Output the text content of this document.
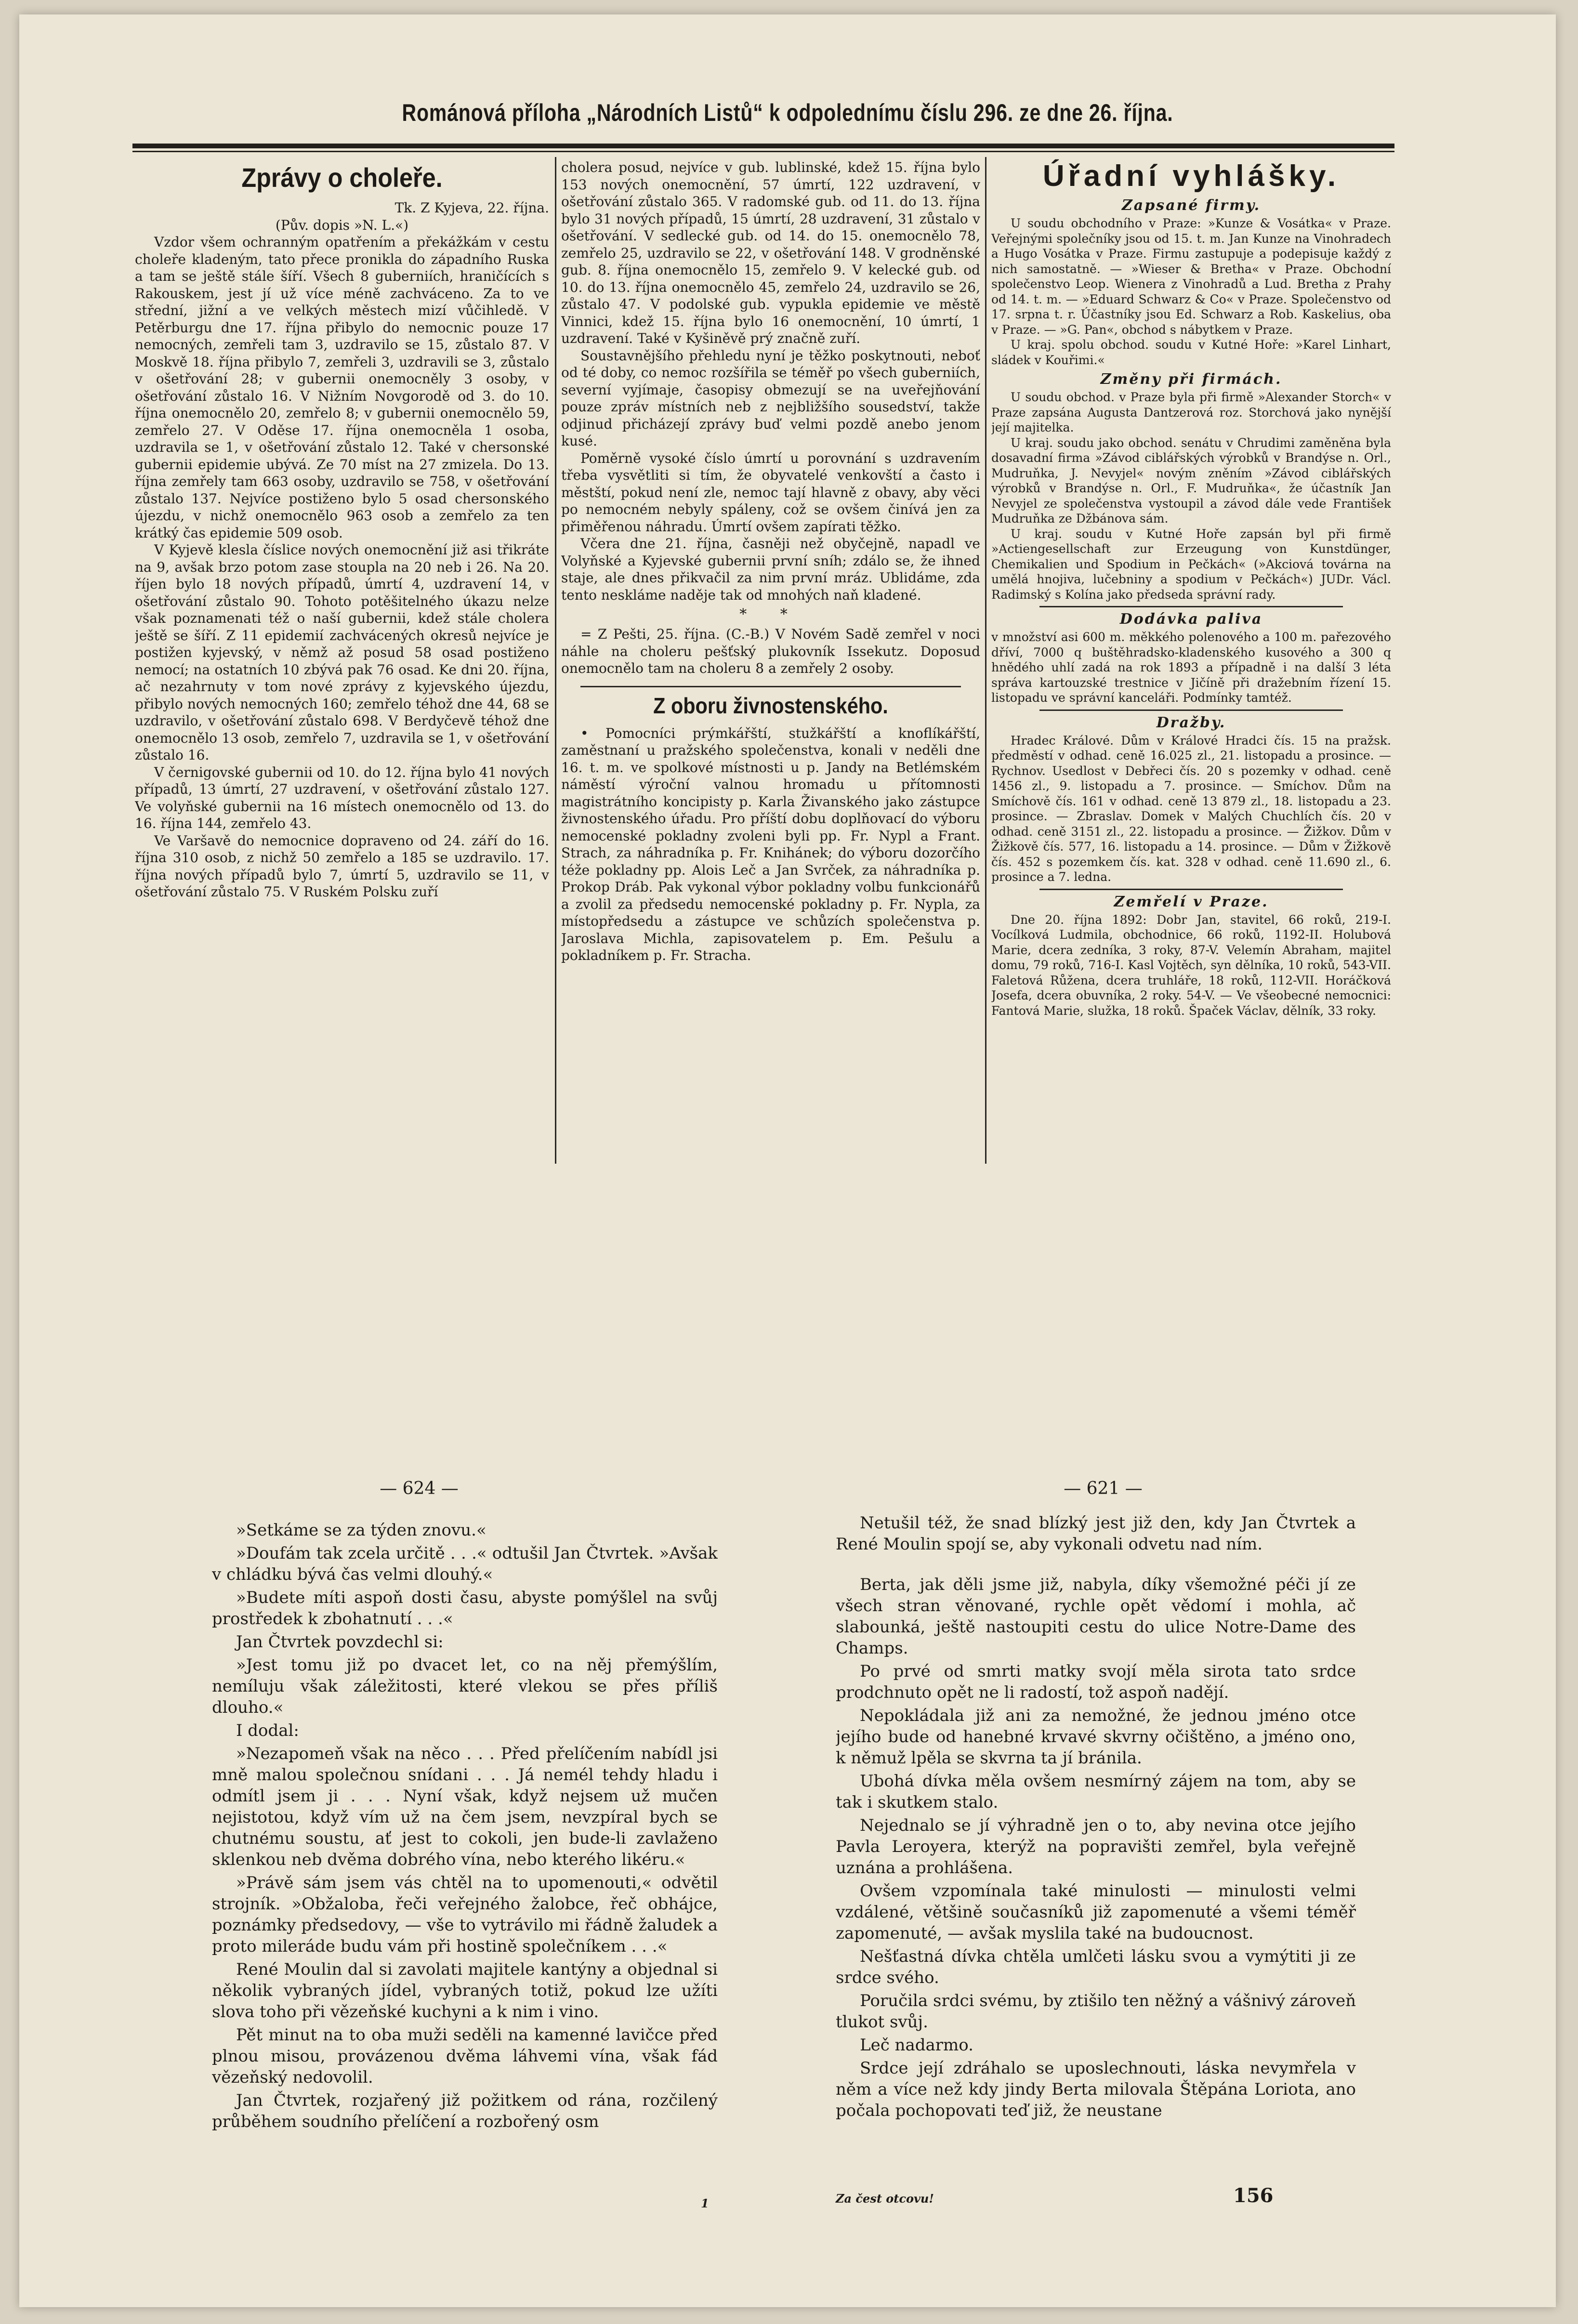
Románová příloha „Národních Listů“ k odpolednímu číslu 296. ze dne 26. října.
Zprávy o choleře.

Tk. Z Kyjeva, 22. října.

(Pův. dopis »N. L.«)

Vzdor všem ochranným opatřením a překážkám v cestu choleře kladeným, tato přece pronikla do západního Ruska a tam se ještě stále šíří. Všech 8 guberniích, hraničících s Rakouskem, jest jí už více méně zachváceno. Za to ve střední, jižní a ve velkých městech mizí vůčihledě. V Petěrburgu dne 17. října přibylo do nemocnic pouze 17 nemocných, zemřeli tam 3, uzdravilo se 15, zůstalo 87. V Moskvě 18. října přibylo 7, zemřeli 3, uzdravili se 3, zůstalo v ošetřování 28; v gubernii onemocněly 3 osoby, v ošetřování zůstalo 16. V Nižním Novgorodě od 3. do 10. října onemocnělo 20, zemřelo 8; v gubernii onemocnělo 59, zemřelo 27. V Oděse 17. října onemocněla 1 osoba, uzdravila se 1, v ošetřování zůstalo 12. Také v chersonské gubernii epidemie ubývá. Ze 70 míst na 27 zmizela. Do 13. října zemřely tam 663 osoby, uzdravilo se 758, v ošetřování zůstalo 137. Nejvíce postiženo bylo 5 osad chersonského újezdu, v nichž onemocnělo 963 osob a zemřelo za ten krátký čas epidemie 509 osob.

V Kyjevě klesla číslice nových onemocnění již asi třikráte na 9, avšak brzo potom zase stoupla na 20 neb i 26. Na 20. říjen bylo 18 nových případů, úmrtí 4, uzdravení 14, v ošetřování zůstalo 90. Tohoto potěšitelného úkazu nelze však poznamenati též o naší gubernii, kdež stále cholera ještě se šíří. Z 11 epidemií zachvácených okresů nejvíce je postižen kyjevský, v němž až posud 58 osad postiženo nemocí; na ostatních 10 zbývá pak 76 osad. Ke dni 20. října, ač nezahrnuty v tom nové zprávy z kyjevského újezdu, přibylo nových nemocných 160; zemřelo téhož dne 44, 68 se uzdravilo, v ošetřování zůstalo 698. V Berdyčevě téhož dne onemocnělo 13 osob, zemřelo 7, uzdravila se 1, v ošetřování zůstalo 16.

V černigovské gubernii od 10. do 12. října bylo 41 nových případů, 13 úmrtí, 27 uzdravení, v ošetřování zůstalo 127. Ve volyňské gubernii na 16 místech onemocnělo od 13. do 16. října 144, zemřelo 43.

Ve Varšavě do nemocnice dopraveno od 24. září do 16. října 310 osob, z nichž 50 zemřelo a 185 se uzdravilo. 17. října nových případů bylo 7, úmrtí 5, uzdravilo se 11, v ošetřování zůstalo 75. V Ruském Polsku zuří

cholera posud, nejvíce v gub. lublinské, kdež 15. října bylo 153 nových onemocnění, 57 úmrtí, 122 uzdravení, v ošetřování zůstalo 365. V radomské gub. od 11. do 13. října bylo 31 nových případů, 15 úmrtí, 28 uzdravení, 31 zůstalo v ošetřování. V sedlecké gub. od 14. do 15. onemocnělo 78, zemřelo 25, uzdravilo se 22, v ošetřování 148. V grodněnské gub. 8. října onemocnělo 15, zemřelo 9. V kelecké gub. od 10. do 13. října onemocnělo 45, zemřelo 24, uzdravilo se 26, zůstalo 47. V podolské gub. vypukla epidemie ve městě Vinnici, kdež 15. října bylo 16 onemocnění, 10 úmrtí, 1 uzdravení. Také v Kyšiněvě prý značně zuří.

Soustavnějšího přehledu nyní je těžko poskytnouti, neboť od té doby, co nemoc rozšířila se téměř po všech guberniích, severní vyjímaje, časopisy obmezují se na uveřejňování pouze zpráv místních neb z nejbližšího sousedství, takže odjinud přicházejí zprávy buď velmi pozdě anebo jenom kusé.

Poměrně vysoké číslo úmrtí u porovnání s uzdravením třeba vysvětliti si tím, že obyvatelé venkovští a často i městští, pokud není zle, nemoc tají hlavně z obavy, aby věci po nemocném nebyly spáleny, což se ovšem činívá jen za přiměřenou náhradu. Úmrtí ovšem zapírati těžko.

Včera dne 21. října, časněji než obyčejně, napadl ve Volyňské a Kyjevské gubernii první sníh; zdálo se, že ihned staje, ale dnes přikvačil za nim první mráz. Ublidáme, zda tento neskláme naděje tak od mnohých naň kladené.

* *

= Z Pešti, 25. října. (C.-B.) V Novém Sadě zemřel v noci náhle na choleru pešťský plukovník Issekutz. Doposud onemocnělo tam na choleru 8 a zemřely 2 osoby.

Z oboru živnostenského.

• Pomocníci prýmkářští, stužkářští a knoflíkářští, zaměstnaní u pražského společenstva, konali v neděli dne 16. t. m. ve spolkové místnosti u p. Jandy na Betlémském náměstí výroční valnou hromadu u přítomnosti magistrátního koncipisty p. Karla Živanského jako zástupce živnostenského úřadu. Pro příští dobu doplňovací do výboru nemocenské pokladny zvoleni byli pp. Fr. Nypl a Frant. Strach, za náhradníka p. Fr. Knihánek; do výboru dozorčího téže pokladny pp. Alois Leč a Jan Svrček, za náhradníka p. Prokop Dráb. Pak vykonal výbor pokladny volbu funkcionářů a zvolil za předsedu nemocenské pokladny p. Fr. Nypla, za místopředsedu a zástupce ve schůzích společenstva p. Jaroslava Michla, zapisovatelem p. Em. Pešulu a pokladníkem p. Fr. Stracha.

Úřadní vyhlášky.
Zapsané firmy.

U soudu obchodního v Praze: »Kunze & Vosátka« v Praze. Veřejnými společníky jsou od 15. t. m. Jan Kunze na Vinohradech a Hugo Vosátka v Praze. Firmu zastupuje a podepisuje každý z nich samostatně. — »Wieser & Bretha« v Praze. Obchodní společenstvo Leop. Wienera z Vinohradů a Lud. Bretha z Prahy od 14. t. m. — »Eduard Schwarz & Co« v Praze. Společenstvo od 17. srpna t. r. Účastníky jsou Ed. Schwarz a Rob. Kaskelius, oba v Praze. — »G. Pan«, obchod s nábytkem v Praze.

U kraj. spolu obchod. soudu v Kutné Hoře: »Karel Linhart, sládek v Kouřimi.«

Změny při firmách.

U soudu obchod. v Praze byla při firmě »Alexander Storch« v Praze zapsána Augusta Dantzerová roz. Storchová jako nynější její majitelka.

U kraj. soudu jako obchod. senátu v Chrudimi zaměněna byla dosavadní firma »Závod ciblářských výrobků v Brandýse n. Orl., Mudruňka, J. Nevyjel« novým zněním »Závod ciblářských výrobků v Brandýse n. Orl., F. Mudruňka«, že účastník Jan Nevyjel ze společenstva vystoupil a závod dále vede František Mudruňka ze Džbánova sám.

U kraj. soudu v Kutné Hoře zapsán byl při firmě »Actiengesellschaft zur Erzeugung von Kunstdünger, Chemikalien und Spodium in Pečkách« (»Akciová továrna na umělá hnojiva, lučebniny a spodium v Pečkách«) JUDr. Václ. Radimský s Kolína jako předseda správní rady.

Dodávka paliva

v množství asi 600 m. měkkého polenového a 100 m. pařezového dříví, 7000 q buštěhradsko-kladenského kusového a 300 q hnědého uhlí zadá na rok 1893 a případně i na další 3 léta správa kartouzské trestnice v Jičíně při dražebním řízení 15. listopadu ve správní kanceláři. Podmínky tamtéž.

Dražby.

Hradec Králové. Dům v Králové Hradci čís. 15 na pražsk. předměstí v odhad. ceně 16.025 zl., 21. listopadu a prosince. — Rychnov. Usedlost v Debřeci čís. 20 s pozemky v odhad. ceně 1456 zl., 9. listopadu a 7. prosince. — Smíchov. Dům na Smíchově čís. 161 v odhad. ceně 13 879 zl., 18. listopadu a 23. prosince. — Zbraslav. Domek v Malých Chuchlích čís. 20 v odhad. ceně 3151 zl., 22. listopadu a prosince. — Žižkov. Dům v Žižkově čís. 577, 16. listopadu a 14. prosince. — Dům v Žižkově čís. 452 s pozemkem čís. kat. 328 v odhad. ceně 11.690 zl., 6. prosince a 7. ledna.

Zemřelí v Praze.

Dne 20. října 1892: Dobr Jan, stavitel, 66 roků, 219-I. Vocílková Ludmila, obchodnice, 66 roků, 1192-II. Holubová Marie, dcera zedníka, 3 roky, 87-V. Velemín Abraham, majitel domu, 79 roků, 716-I. Kasl Vojtěch, syn dělníka, 10 roků, 543-VII. Faletová Růžena, dcera truhláře, 18 roků, 112-VII. Horáčková Josefa, dcera obuvníka, 2 roky. 54-V. — Ve všeobecné nemocnici: Fantová Marie, služka, 18 roků. Špaček Václav, dělník, 33 roky.

— 624 —	— 621 —

»Setkáme se za týden znovu.«

»Doufám tak zcela určitě . . .« odtušil Jan Čtvrtek. »Avšak v chládku bývá čas velmi dlouhý.«

»Budete míti aspoň dosti času, abyste pomýšlel na svůj prostředek k zbohatnutí . . .«

Jan Čtvrtek povzdechl si:

»Jest tomu již po dvacet let, co na něj přemýšlím, nemíluju však záležitosti, které vlekou se přes příliš dlouho.«

I dodal:

»Nezapomeň však na něco . . . Před přelíčením nabídl jsi mně malou společnou snídani . . . Já nemél tehdy hladu i odmítl jsem ji . . . Nyní však, když nejsem už mučen nejistotou, když vím už na čem jsem, nevzpíral bych se chutnému soustu, ať jest to cokoli, jen bude-li zavlaženo sklenkou neb dvěma dobrého vína, nebo kterého likéru.«

»Právě sám jsem vás chtěl na to upomenouti,« odvětil strojník. »Obžaloba, řeči veřejného žalobce, řeč obhájce, poznámky předsedovy, — vše to vytrávilo mi řádně žaludek a proto mileráde budu vám při hostině společníkem . . .«

René Moulin dal si zavolati majitele kantýny a objednal si několik vybraných jídel, vybraných totiž, pokud lze užíti slova toho při vězeňské kuchyni a k nim i vino.

Pět minut na to oba muži seděli na kamenné lavičce před plnou misou, provázenou dvěma láhvemi vína, však fád vězeňský nedovolil.

Jan Čtvrtek, rozjařený již požitkem od rána, rozčilený průběhem soudního přelíčení a rozbořený osm

1

Netušil též, že snad blízký jest již den, kdy Jan Čtvrtek a René Moulin spojí se, aby vykonali odvetu nad ním.

Berta, jak děli jsme již, nabyla, díky všemožné péči jí ze všech stran věnované, rychle opět vědomí i mohla, ač slabounká, ještě nastoupiti cestu do ulice Notre-Dame des Champs.

Po prvé od smrti matky svojí měla sirota tato srdce prodchnuto opět ne li radostí, tož aspoň nadějí.

Nepokládala již ani za nemožné, že jednou jméno otce jejího bude od hanebné krvavé skvrny očištěno, a jméno ono, k němuž lpěla se skvrna ta jí bránila.

Ubohá dívka měla ovšem nesmírný zájem na tom, aby se tak i skutkem stalo.

Nejednalo se jí výhradně jen o to, aby nevina otce jejího Pavla Leroyera, kterýž na popravišti zemřel, byla veřejně uznána a prohlášena.

Ovšem vzpomínala také minulosti — minulosti velmi vzdálené, většině současníků již zapomenuté a všemi téměř zapomenuté, — avšak myslila také na budoucnost.

Nešťastná dívka chtěla umlčeti lásku svou a vymýtiti ji ze srdce svého.

Poručila srdci svému, by ztišilo ten něžný a vášnivý zároveň tlukot svůj.

Leč nadarmo.

Srdce její zdráhalo se uposlechnouti, láska nevymřela v něm a více než kdy jindy Berta milovala Štěpána Loriota, ano počala pochopovati teď již, že neustane

Za čest otcovu!	156
